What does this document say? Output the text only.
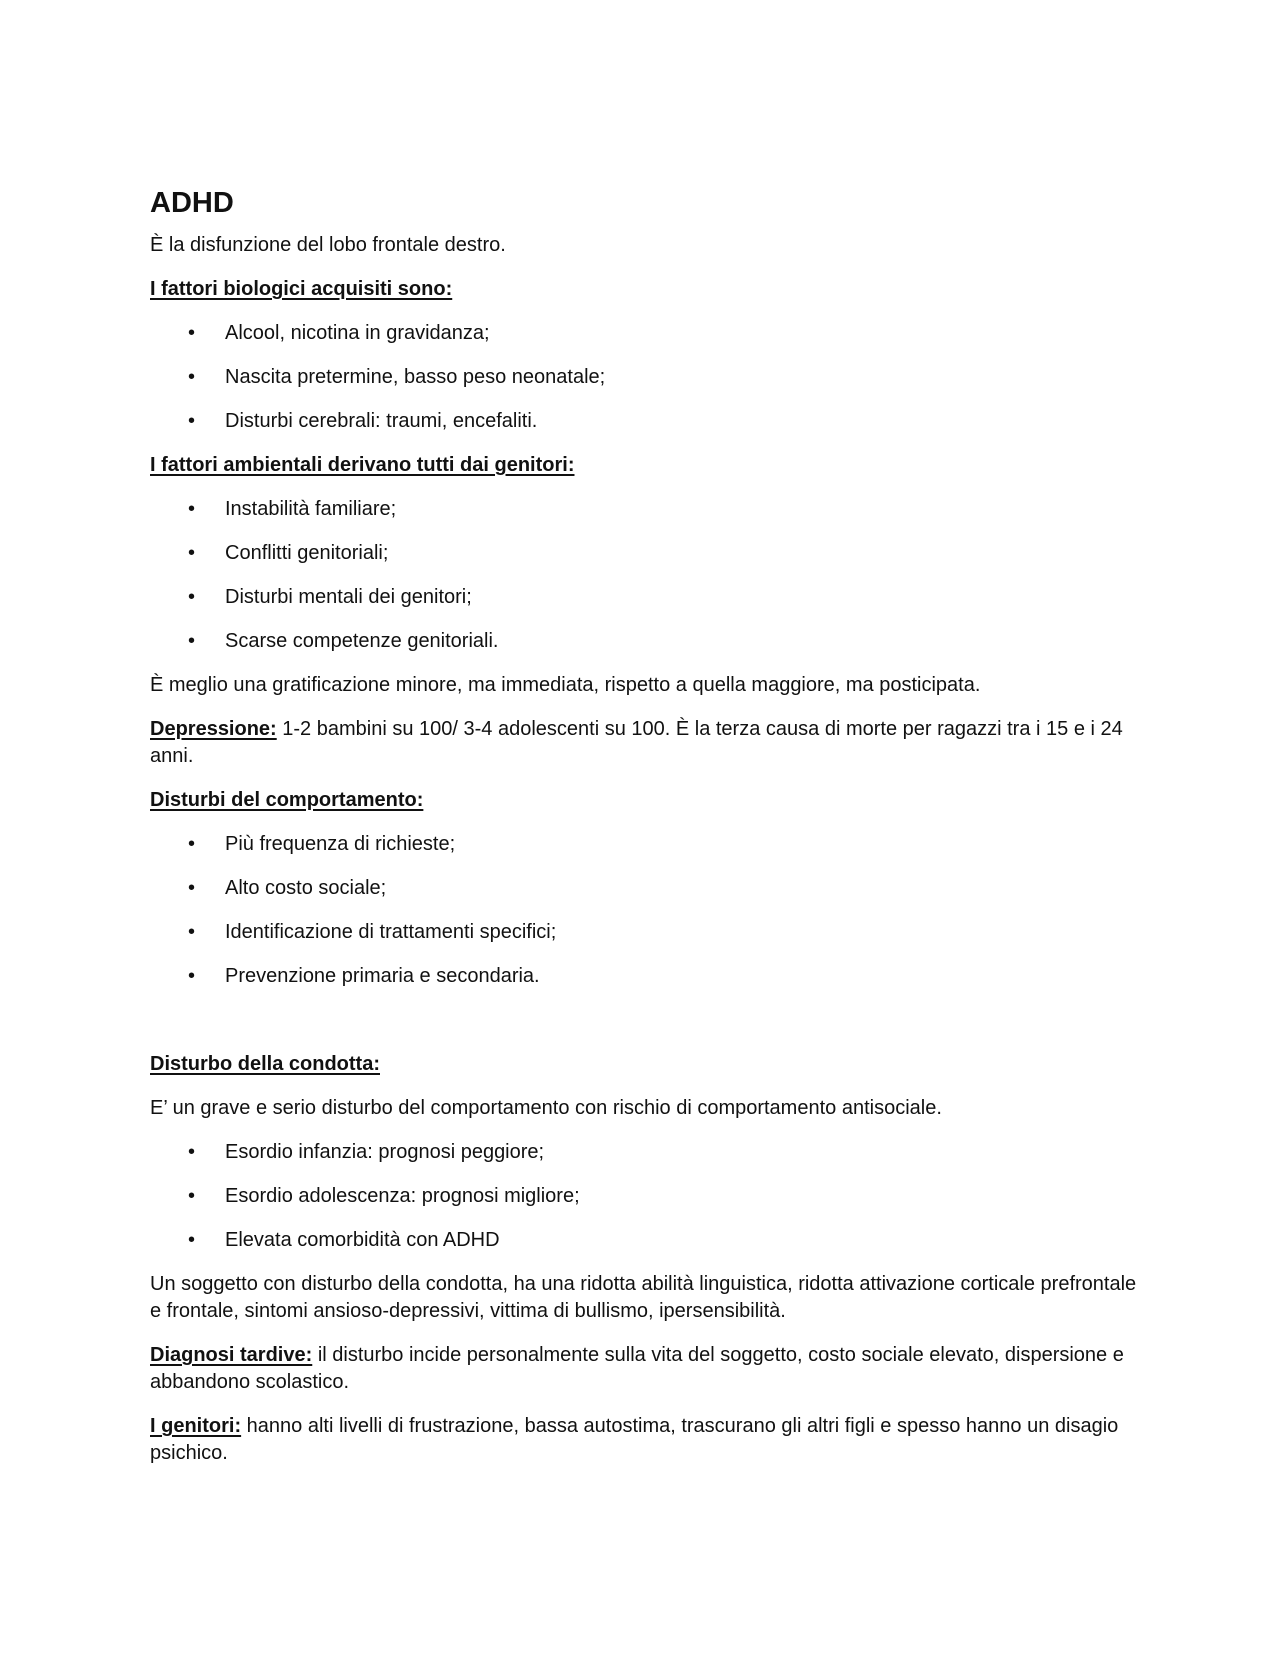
ADHD

È la disfunzione del lobo frontale destro.

I fattori biologici acquisiti sono:

• Alcool, nicotina in gravidanza;
• Nascita pretermine, basso peso neonatale;
• Disturbi cerebrali: traumi, encefaliti.

I fattori ambientali derivano tutti dai genitori:

• Instabilità familiare;
• Conflitti genitoriali;
• Disturbi mentali dei genitori;
• Scarse competenze genitoriali.

È meglio una gratificazione minore, ma immediata, rispetto a quella maggiore, ma posticipata.

Depressione: 1-2 bambini su 100/ 3-4 adolescenti su 100. È la terza causa di morte per ragazzi tra i 15 e i 24 anni.

Disturbi del comportamento:

• Più frequenza di richieste;
• Alto costo sociale;
• Identificazione di trattamenti specifici;
• Prevenzione primaria e secondaria.

Disturbo della condotta:

E’ un grave e serio disturbo del comportamento con rischio di comportamento antisociale.

• Esordio infanzia: prognosi peggiore;
• Esordio adolescenza: prognosi migliore;
• Elevata comorbidità con ADHD

Un soggetto con disturbo della condotta, ha una ridotta abilità linguistica, ridotta attivazione corticale prefrontale e frontale, sintomi ansioso-depressivi, vittima di bullismo, ipersensibilità.

Diagnosi tardive: il disturbo incide personalmente sulla vita del soggetto, costo sociale elevato, dispersione e abbandono scolastico.

I genitori: hanno alti livelli di frustrazione, bassa autostima, trascurano gli altri figli e spesso hanno un disagio psichico.
